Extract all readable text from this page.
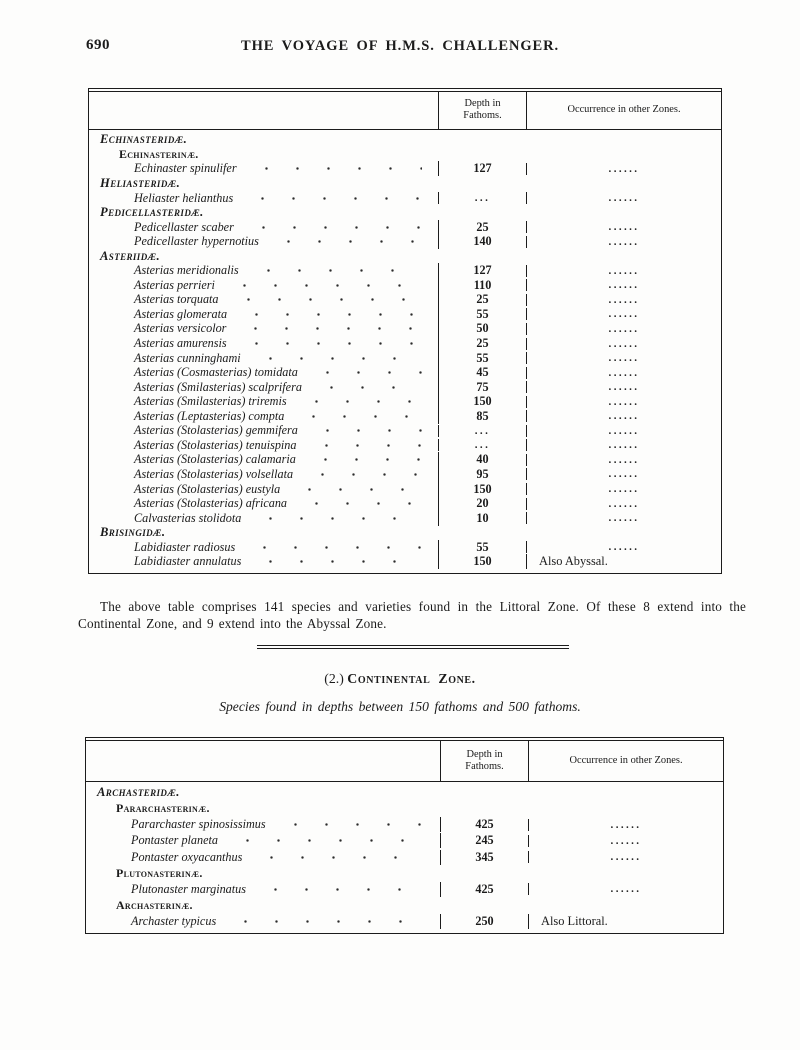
690	THE VOYAGE OF H.M.S. CHALLENGER.
Depth in
Fathoms.
Occurrence in other Zones.
Echinasteridæ.
Echinasterinæ.
Echinaster spinulifer	127	......
Heliasteridæ.
Heliaster helianthus	...	......
Pedicellasteridæ.
Pedicellaster scaber	25	......
Pedicellaster hypernotius	140	......
Asteriidæ.
Asterias meridionalis	127	......
Asterias perrieri	110	......
Asterias torquata	25	......
Asterias glomerata	55	......
Asterias versicolor	50	......
Asterias amurensis	25	......
Asterias cunninghami	55	......
Asterias (Cosmasterias) tomidata	45	......
Asterias (Smilasterias) scalprifera	75	......
Asterias (Smilasterias) triremis	150	......
Asterias (Leptasterias) compta	85	......
Asterias (Stolasterias) gemmifera	...	......
Asterias (Stolasterias) tenuispina	...	......
Asterias (Stolasterias) calamaria	40	......
Asterias (Stolasterias) volsellata	95	......
Asterias (Stolasterias) eustyla	150	......
Asterias (Stolasterias) africana	20	......
Calvasterias stolidota	10	......
Brisingidæ.
Labidiaster radiosus	55	......
Labidiaster annulatus	150	Also Abyssal.

The above table comprises 141 species and varieties found in the Littoral Zone. Of these 8 extend into the Continental Zone, and 9 extend into the Abyssal Zone.

(2.) Continental Zone.
Species found in depths between 150 fathoms and 500 fathoms.
Depth in
Fathoms.
Occurrence in other Zones.
Archasteridæ.
Pararchasterinæ.
Pararchaster spinosissimus	425	......
Pontaster planeta	245	......
Pontaster oxyacanthus	345	......
Plutonasterinæ.
Plutonaster marginatus	425	......
Archasterinæ.
Archaster typicus	250	Also Littoral.
